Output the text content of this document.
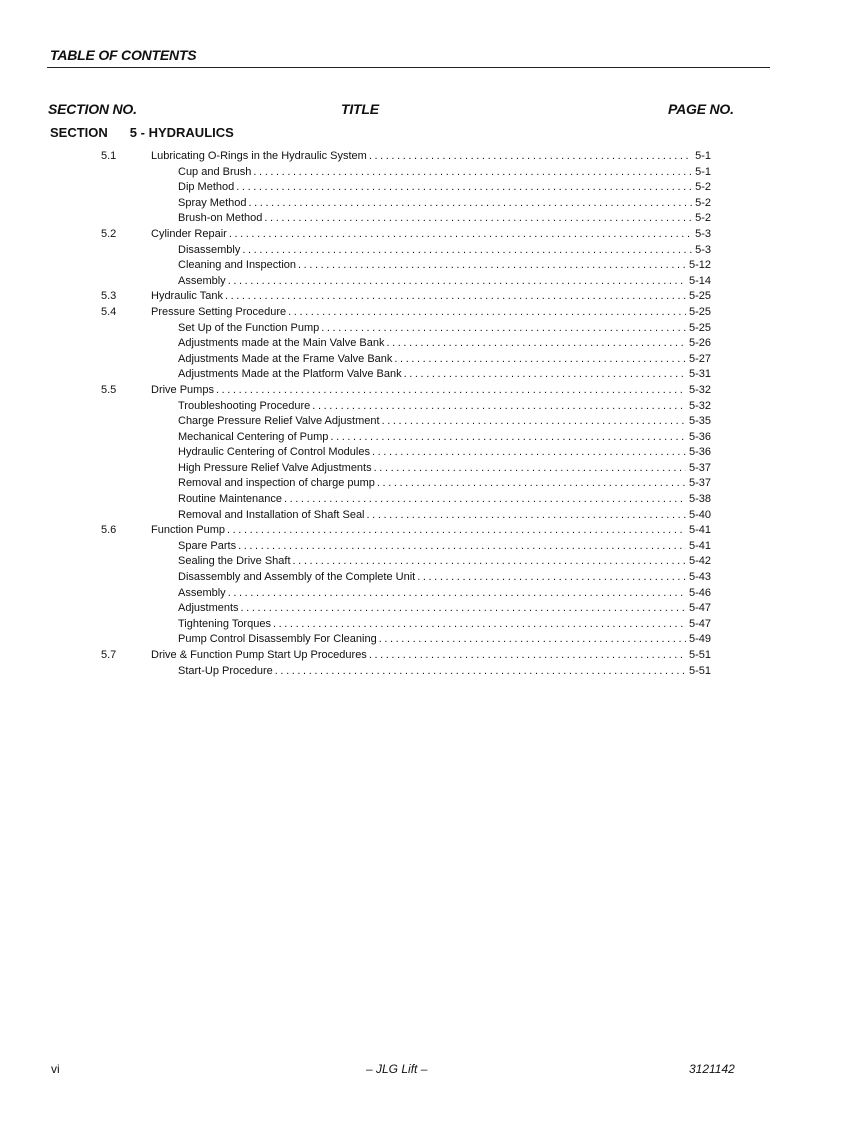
TABLE OF CONTENTS
SECTION NO.	TITLE	PAGE NO.
SECTION 5 - HYDRAULICS
5.1	Lubricating O-Rings in the Hydraulic System .....	5-1
Cup and Brush .....	5-1
Dip Method .....	5-2
Spray Method .....	5-2
Brush-on Method .....	5-2
5.2	Cylinder Repair .....	5-3
Disassembly .....	5-3
Cleaning and Inspection .....	5-12
Assembly .....	5-14
5.3	Hydraulic Tank .....	5-25
5.4	Pressure Setting Procedure .....	5-25
Set Up of the Function Pump .....	5-25
Adjustments made at the Main Valve Bank .....	5-26
Adjustments Made at the Frame Valve Bank .....	5-27
Adjustments Made at the Platform Valve Bank .....	5-31
5.5	Drive Pumps .....	5-32
Troubleshooting Procedure .....	5-32
Charge Pressure Relief Valve Adjustment .....	5-35
Mechanical Centering of Pump .....	5-36
Hydraulic Centering of Control Modules .....	5-36
High Pressure Relief Valve Adjustments .....	5-37
Removal and inspection of charge pump .....	5-37
Routine Maintenance .....	5-38
Removal and Installation of Shaft Seal .....	5-40
5.6	Function Pump .....	5-41
Spare Parts .....	5-41
Sealing the Drive Shaft .....	5-42
Disassembly and Assembly of the Complete Unit .....	5-43
Assembly .....	5-46
Adjustments .....	5-47
Tightening Torques .....	5-47
Pump Control Disassembly For Cleaning .....	5-49
5.7	Drive & Function Pump Start Up Procedures .....	5-51
Start-Up Procedure .....	5-51
vi	– JLG Lift –	3121142
